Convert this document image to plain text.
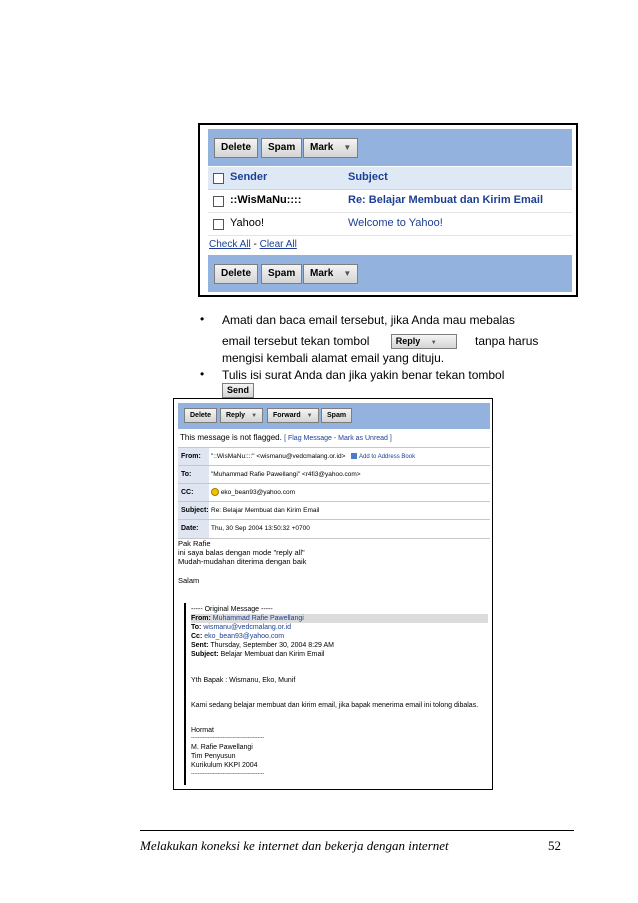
Delete	Spam	Mark ▼
Sender	Subject
::WisMaNu::::	Re: Belajar Membuat dan Kirim Email
Yahoo!	Welcome to Yahoo!
Check All - Clear All
Delete	Spam	Mark ▼
• Amati dan baca email tersebut, jika Anda mau mebalas
email tersebut tekan tombol	Reply ▼	tanpa harus
mengisi kembali alamat email yang dituju.
• Tulis isi surat Anda dan jika yakin benar tekan tombol
Send
Delete	Reply ▼	Forward ▼	Spam
This message is not flagged. [ Flag Message - Mark as Unread ]
From:	"::WisMaNu::::" <wismanu@vedcmalang.or.id> Add to Address Book
To:	"Muhammad Rafie Pawellangi" <r4fi3@yahoo.com>
CC:	eko_bean93@yahoo.com
Subject: Re: Belajar Membuat dan Kirim Email
Date:	Thu, 30 Sep 2004 13:50:32 +0700
Pak Rafie
ini saya balas dengan mode "reply all"
Mudah-mudahan diterima dengan baik
Salam
----- Original Message -----
From: Muhammad Rafie Pawellangi
To: wismanu@vedcmalang.or.id
Cc: eko_bean93@yahoo.com
Sent: Thursday, September 30, 2004 8:29 AM
Subject: Belajar Membuat dan Kirim Email
Yth Bapak : Wismanu, Eko, Munif
Kami sedang belajar membuat dan kirim email, jika bapak menerima email ini tolong dibalas.
Hormat
--------------------------------------------
M. Rafie Pawellangi
Tim Penyusun
Kurikulum KKPI 2004
--------------------------------------------
Melakukan koneksi ke internet dan bekerja dengan internet	52
